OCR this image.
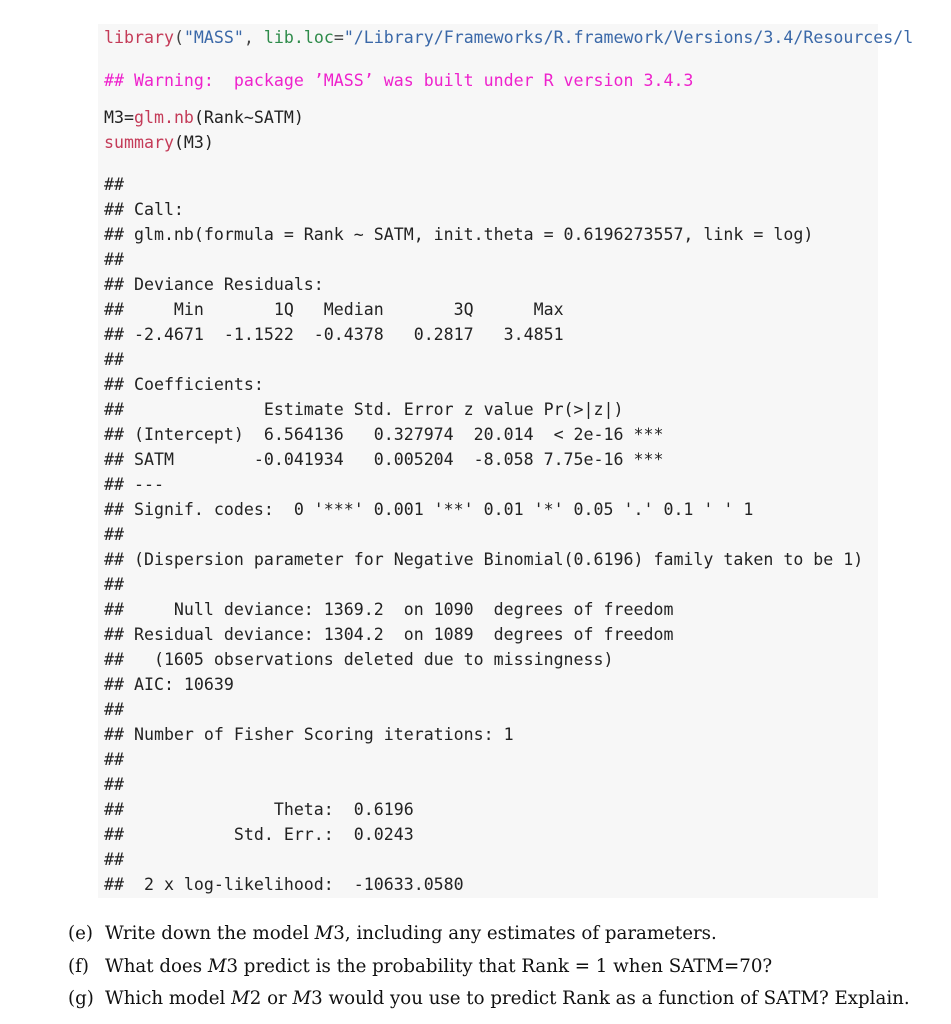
library("MASS", lib.loc="/Library/Frameworks/R.framework/Versions/3.4/Resources/l
## Warning:  package ’MASS’ was built under R version 3.4.3
M3=glm.nb(Rank~SATM)
summary(M3)
##
## Call:
## glm.nb(formula = Rank ~ SATM, init.theta = 0.6196273557, link = log)
##
## Deviance Residuals:
##     Min       1Q   Median       3Q      Max
## -2.4671  -1.1522  -0.4378   0.2817   3.4851
##
## Coefficients:
##              Estimate Std. Error z value Pr(>|z|)
## (Intercept)  6.564136   0.327974  20.014  < 2e-16 ***
## SATM        -0.041934   0.005204  -8.058 7.75e-16 ***
## ---
## Signif. codes:  0 '***' 0.001 '**' 0.01 '*' 0.05 '.' 0.1 ' ' 1
##
## (Dispersion parameter for Negative Binomial(0.6196) family taken to be 1)
##
##     Null deviance: 1369.2  on 1090  degrees of freedom
## Residual deviance: 1304.2  on 1089  degrees of freedom
##   (1605 observations deleted due to missingness)
## AIC: 10639
##
## Number of Fisher Scoring iterations: 1
##
##
##               Theta:  0.6196
##           Std. Err.:  0.0243
##
##  2 x log-likelihood:  -10633.0580
(e) Write down the model M3, including any estimates of parameters.
(f) What does M3 predict is the probability that Rank = 1 when SATM=70?
(g) Which model M2 or M3 would you use to predict Rank as a function of SATM? Explain.
